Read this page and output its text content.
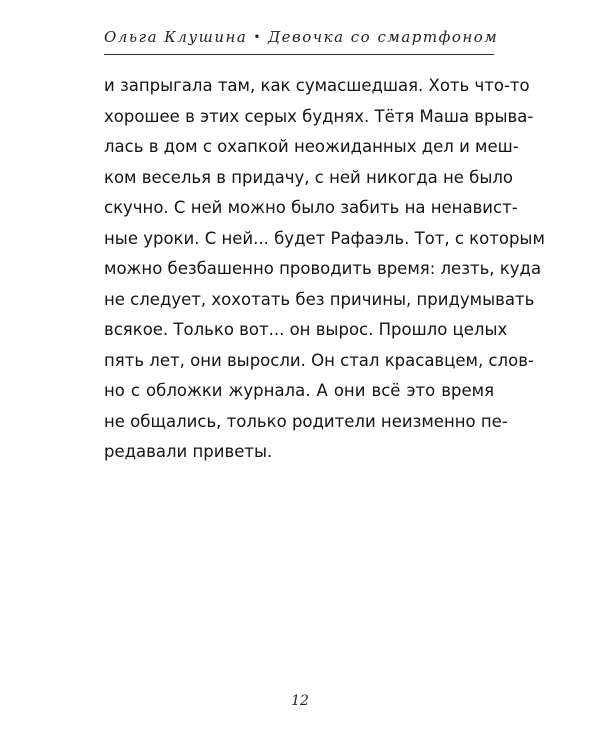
Ольга Клушина • Девочка со смартфоном
и запрыгала там, как сумасшедшая. Хоть что-то
хорошее в этих серых буднях. Тётя Маша врыва-
лась в дом с охапкой неожиданных дел и меш-
ком веселья в придачу, с ней никогда не было
скучно. С ней можно было забить на ненавист-
ные уроки. С ней... будет Рафаэль. Тот, с которым
можно безбашенно проводить время: лезть, куда
не следует, хохотать без причины, придумывать
всякое. Только вот... он вырос. Прошло целых
пять лет, они выросли. Он стал красавцем, слов-
но с обложки журнала. А они всё это время
не общались, только родители неизменно пе-
редавали приветы.
12
